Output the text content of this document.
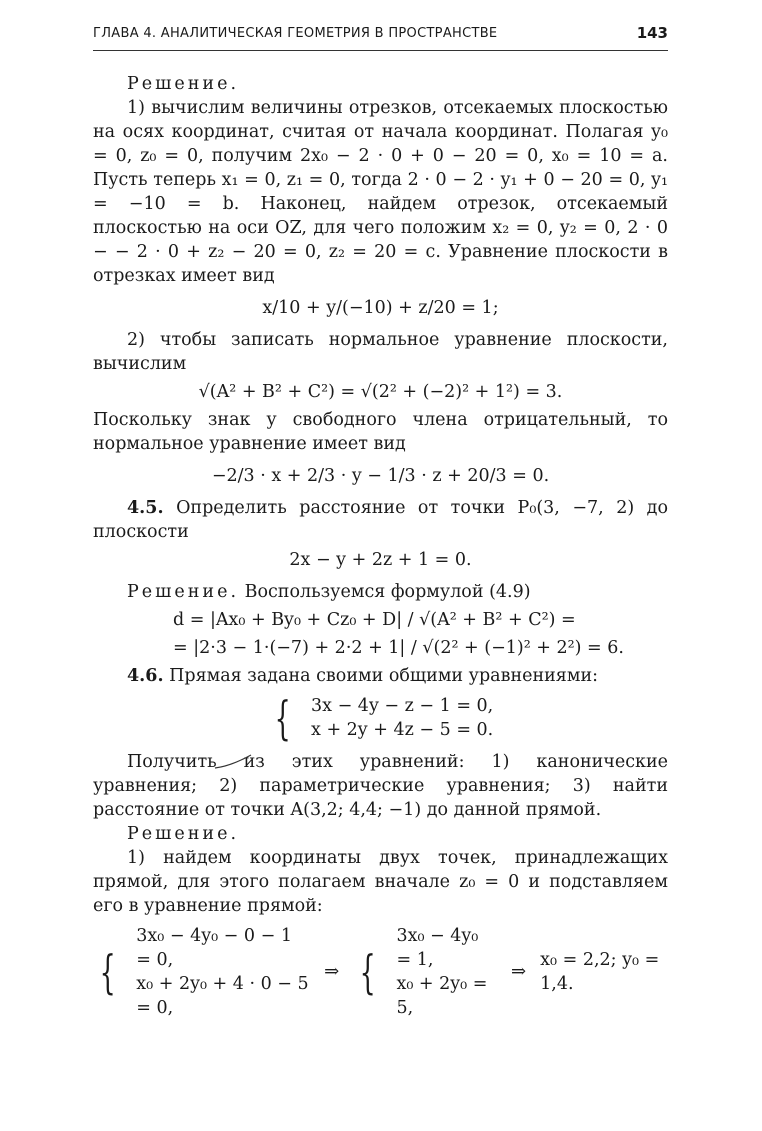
ГЛАВА 4. АНАЛИТИЧЕСКАЯ ГЕОМЕТРИЯ В ПРОСТРАНСТВЕ	143

Решение.

1) вычислим величины отрезков, отсекаемых плоскостью на осях координат, считая от начала координат. Полагая y₀ = 0, z₀ = 0, получим 2x₀ − 2 · 0 + 0 − 20 = 0, x₀ = 10 = a. Пусть теперь x₁ = 0, z₁ = 0, тогда 2 · 0 − 2 · y₁ + 0 − 20 = 0, y₁ = −10 = b. Наконец, найдем отрезок, отсекаемый плоскостью на оси OZ, для чего положим x₂ = 0, y₂ = 0, 2 · 0 − − 2 · 0 + z₂ − 20 = 0, z₂ = 20 = c. Уравнение плоскости в отрезках имеет вид

x/10 + y/(−10) + z/20 = 1;

2) чтобы записать нормальное уравнение плоскости, вычислим

√(A² + B² + C²) = √(2² + (−2)² + 1²) = 3.

Поскольку знак у свободного члена отрицательный, то нормальное уравнение имеет вид

−2/3 · x + 2/3 · y − 1/3 · z + 20/3 = 0.

4.5. Определить расстояние от точки P₀(3, −7, 2) до плоскости

2x − y + 2z + 1 = 0.

Решение. Воспользуемся формулой (4.9)

d = |Ax₀ + By₀ + Cz₀ + D| / √(A² + B² + C²) =

= |2·3 − 1·(−7) + 2·2 + 1| / √(2² + (−1)² + 2²) = 6.

4.6. Прямая задана своими общими уравнениями:

{ 3x − 4y − z − 1 = 0,
x + 2y + 4z − 5 = 0.

Получить из этих уравнений: 1) канонические уравнения; 2) параметрические уравнения; 3) найти расстояние от точки A(3,2; 4,4; −1) до данной прямой.

Решение.

1) найдем координаты двух точек, принадлежащих прямой, для этого полагаем вначале z₀ = 0 и подставляем его в уравнение прямой:

{
3x₀ − 4y₀ − 0 − 1 = 0,
x₀ + 2y₀ + 4 · 0 − 5 = 0,
⇒ {
3x₀ − 4y₀ = 1,
x₀ + 2y₀ = 5,
⇒
x₀ = 2,2; y₀ = 1,4.
